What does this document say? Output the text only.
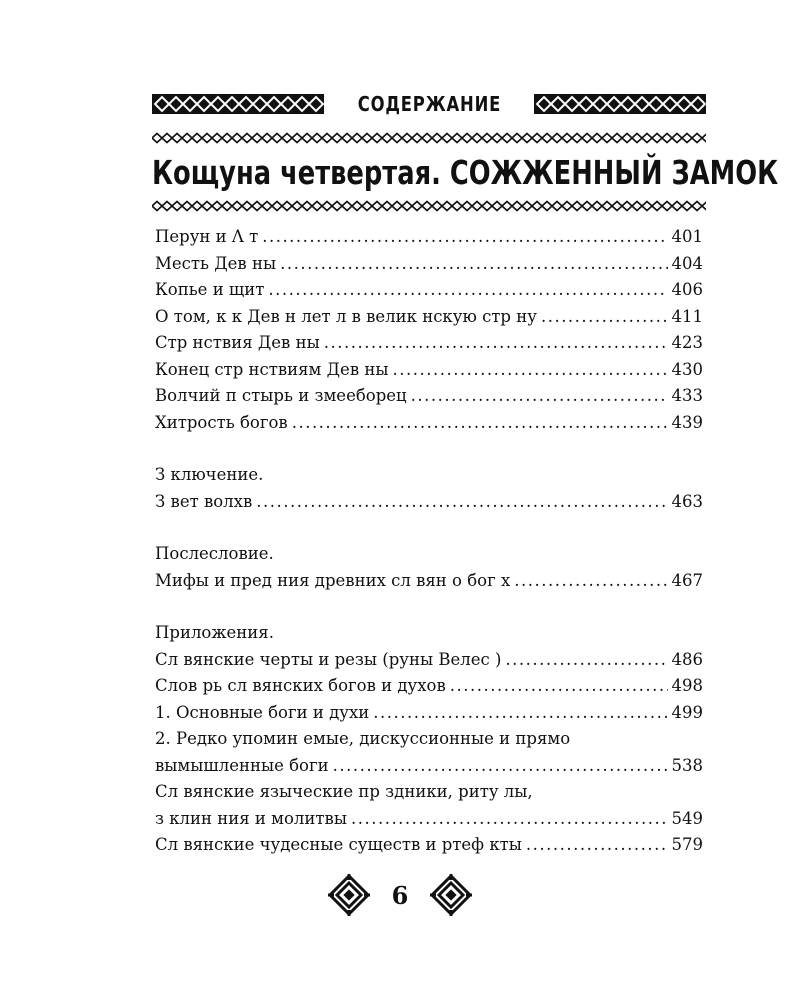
СОДЕРЖАНИЕ
Кощуна четвертая. СОЖЖЕННЫЙ ЗАМОК
Перун и Λ т .....	401
Месть Дев ны .....	404
Копье и щит .....	406
О том, к к Дев н лет л в велик нскую стр ну .....	411
Стр нствия Дев ны .....	423
Конец стр нствиям Дев ны .....	430
Волчий п стырь и змееборец .....	433
Хитрость богов .....	439
З ключение.
З вет волхв .....	463
Послесловие.
Мифы и пред ния древних сл вян о бог х .....	467
Приложения.
Сл вянские черты и резы (руны Велес ) .....	486
Слов рь сл вянских богов и духов .....	498
1. Основные боги и духи .....	499
2. Редко упомин емые, дискуссионные и прямо
вымышленные боги .....	538
Сл вянские языческие пр здники, риту лы,
з клин ния и молитвы .....	549
Сл вянские чудесные существ и ртеф кты .....	579
6
